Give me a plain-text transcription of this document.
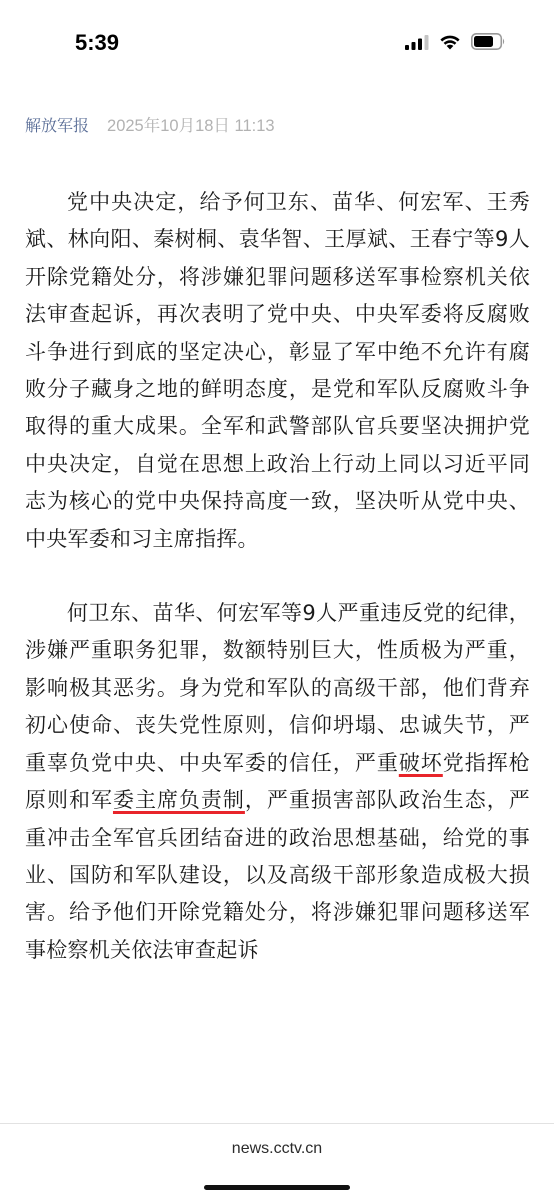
5:39
解放军报 2025年10月18日 11:13

党中央决定，给予何卫东、苗华、何宏军、王秀斌、林向阳、秦树桐、袁华智、王厚斌、王春宁等9人开除党籍处分，将涉嫌犯罪问题移送军事检察机关依法审查起诉，再次表明了党中央、中央军委将反腐败斗争进行到底的坚定决心，彰显了军中绝不允许有腐败分子藏身之地的鲜明态度，是党和军队反腐败斗争取得的重大成果。全军和武警部队官兵要坚决拥护党中央决定，自觉在思想上政治上行动上同以习近平同志为核心的党中央保持高度一致，坚决听从党中央、中央军委和习主席指挥。

何卫东、苗华、何宏军等9人严重违反党的纪律，涉嫌严重职务犯罪，数额特别巨大，性质极为严重，影响极其恶劣。身为党和军队的高级干部，他们背弃初心使命、丧失党性原则，信仰坍塌、忠诚失节，严重辜负党中央、中央军委的信任，严重破坏党指挥枪原则和军委主席负责制，严重损害部队政治生态，严重冲击全军官兵团结奋进的政治思想基础，给党的事业、国防和军队建设，以及高级干部形象造成极大损害。给予他们开除党籍处分，将涉嫌犯罪问题移送军事检察机关依法审查起诉

news.cctv.cn
